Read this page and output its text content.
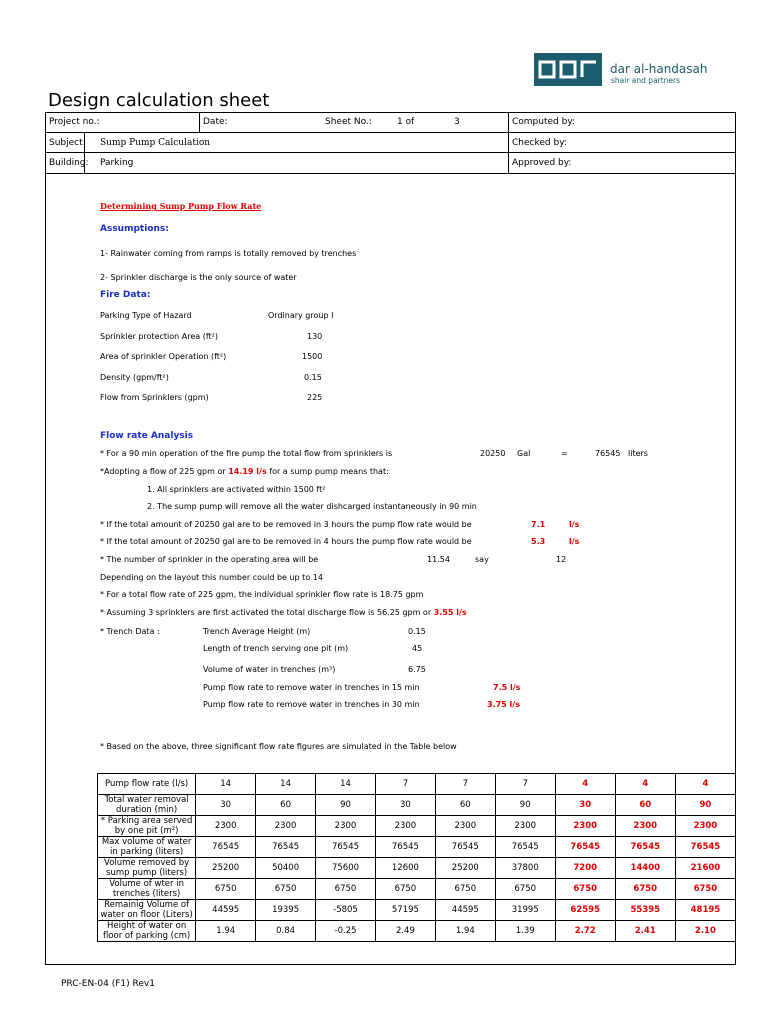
dar al-handasah
shair and partners
Design calculation sheet
Project no.:	Date:	Sheet No.:	1 of	3	Computed by:
Subject: Sump Pump Calculation	Checked by:
Building: Parking	Approved by:
Determining Sump Pump Flow Rate
Assumptions:
1- Rainwater coming from ramps is totally removed by trenches
2- Sprinkler discharge is the only source of water
Fire Data:
Parking Type of Hazard	Ordinary group I
Sprinkler protection Area (ft²)	130
Area of sprinkler Operation (ft²)	1500
Density (gpm/ft²)	0.15
Flow from Sprinklers (gpm)	225
Flow rate Analysis
* For a 90 min operation of the fire pump the total flow from sprinklers is	20250 Gal	=	76545 liters
*Adopting a flow of 225 gpm or 14.19 l/s for a sump pump means that:
1. All sprinklers are activated within 1500 ft²
2. The sump pump will remove all the water dishcarged instantaneously in 90 min
* If the total amount of 20250 gal are to be removed in 3 hours the pump flow rate would be	7.1	l/s
* If the total amount of 20250 gal are to be removed in 4 hours the pump flow rate would be	5.3	l/s
* The number of sprinkler in the operating area will be	11.54	say	12
Depending on the layout this number could be up to 14
* For a total flow rate of 225 gpm, the individual sprinkler flow rate is 18.75 gpm
* Assuming 3 sprinklers are first activated the total discharge flow is 56.25 gpm or 3.55 l/s
* Trench Data :	Trench Average Height (m)	0.15
Length of trench serving one pit (m)	45
Volume of water in trenches (m³)	6.75
Pump flow rate to remove water in trenches in 15 min	7.5 l/s
Pump flow rate to remove water in trenches in 30 min	3.75 l/s
* Based on the above, three significant flow rate figures are simulated in the Table below
Pump flow rate (l/s)	14	14	14	7	7	7	4	4	4
Total water removal duration (min)	30	60	90	30	60	90	30	60	90
* Parking area served by one pit (m²)	2300	2300	2300	2300	2300	2300	2300	2300	2300
Max volume of water in parking (liters)	76545	76545	76545	76545	76545	76545	76545	76545	76545
Volume removed by sump pump (liters)	25200	50400	75600	12600	25200	37800	7200	14400	21600
Volume of wter in trenches (liters)	6750	6750	6750	6750	6750	6750	6750	6750	6750
Remainig Volume of water on floor (Liters)	44595	19395	-5805	57195	44595	31995	62595	55395	48195
Height of water on floor of parking (cm)	1.94	0.84	-0.25	2.49	1.94	1.39	2.72	2.41	2.10
PRC-EN-04 (F1) Rev1
